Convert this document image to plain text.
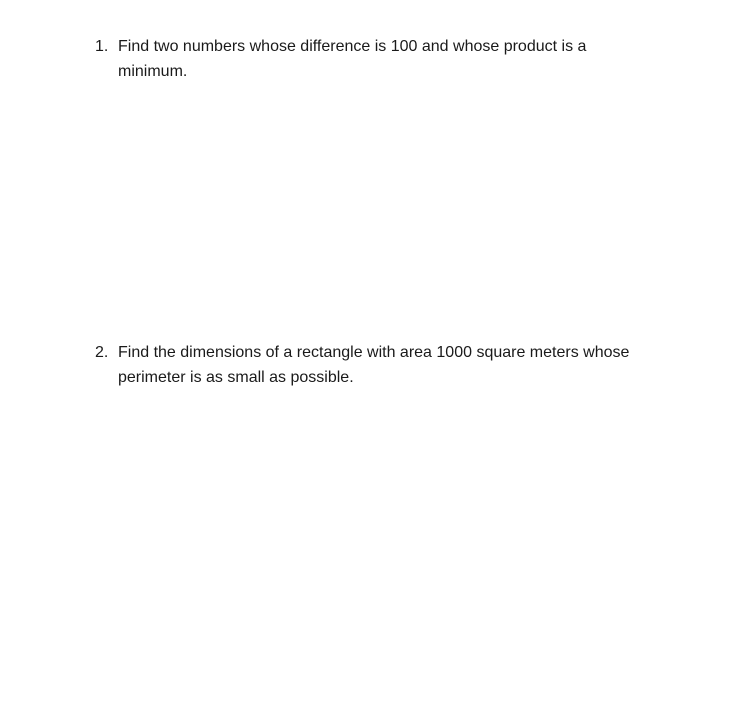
1. Find two numbers whose difference is 100 and whose product is a
minimum.
2. Find the dimensions of a rectangle with area 1000 square meters whose
perimeter is as small as possible.
